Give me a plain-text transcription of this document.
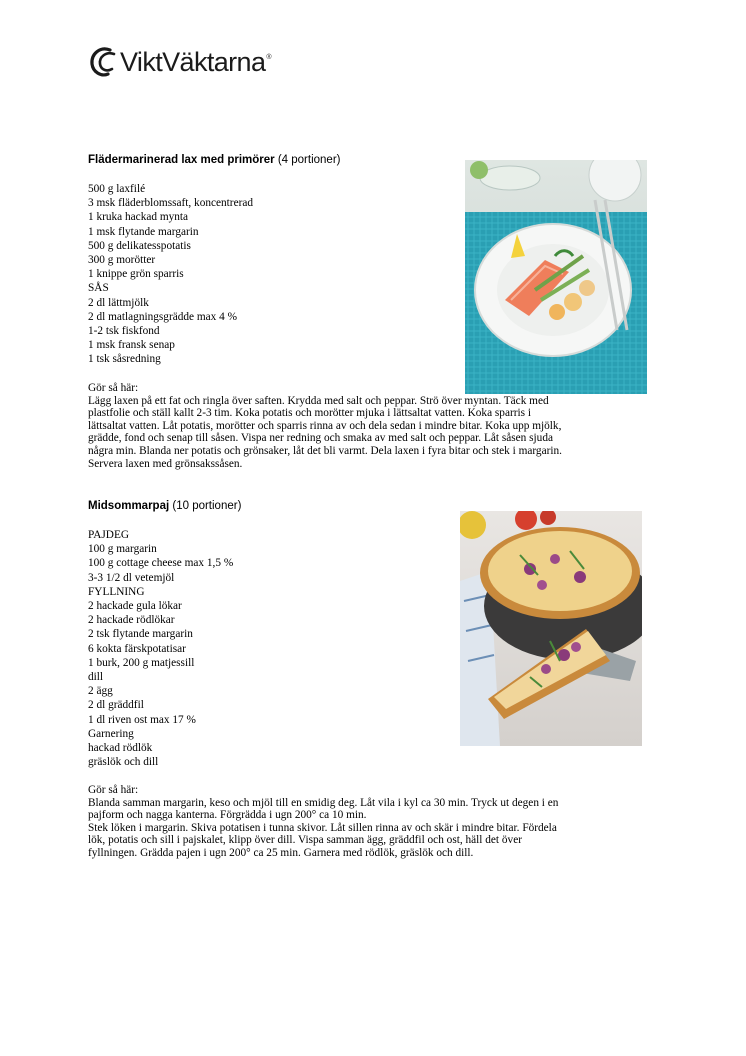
ViktVäktarna ®
Flädermarinerad lax med primörer (4 portioner)
500 g laxfilé
3 msk fläderblomssaft, koncentrerad
1 kruka hackad mynta
1 msk flytande margarin
500 g delikatesspotatis
300 g morötter
1 knippe grön sparris
SÅS
2 dl lättmjölk
2 dl matlagningsgrädde max 4 %
1-2 tsk fiskfond
1 msk fransk senap
1 tsk såsredning
Gör så här:
Lägg laxen på ett fat och ringla över saften. Krydda med salt och peppar. Strö över myntan. Täck med
plastfolie och ställ kallt 2-3 tim. Koka potatis och morötter mjuka i lättsaltat vatten. Koka sparris i
lättsaltat vatten. Låt potatis, morötter och sparris rinna av och dela sedan i mindre bitar. Koka upp mjölk,
grädde, fond och senap till såsen. Vispa ner redning och smaka av med salt och peppar. Låt såsen sjuda
några min. Blanda ner potatis och grönsaker, låt det bli varmt. Dela laxen i fyra bitar och stek i margarin.
Servera laxen med grönsakssåsen.
Midsommarpaj (10 portioner)
PAJDEG
100 g margarin
100 g cottage cheese max 1,5 %
3-3 1/2 dl vetemjöl
FYLLNING
2 hackade gula lökar
2 hackade rödlökar
2 tsk flytande margarin
6 kokta färskpotatisar
1 burk, 200 g matjessill
dill
2 ägg
2 dl gräddfil
1 dl riven ost max 17 %
Garnering
hackad rödlök
gräslök och dill
Gör så här:
Blanda samman margarin, keso och mjöl till en smidig deg. Låt vila i kyl ca 30 min. Tryck ut degen i en
pajform och nagga kanterna. Förgrädda i ugn 200° ca 10 min.
Stek löken i margarin. Skiva potatisen i tunna skivor. Låt sillen rinna av och skär i mindre bitar. Fördela
lök, potatis och sill i pajskalet, klipp över dill. Vispa samman ägg, gräddfil och ost, häll det över
fyllningen. Grädda pajen i ugn 200° ca 25 min. Garnera med rödlök, gräslök och dill.
